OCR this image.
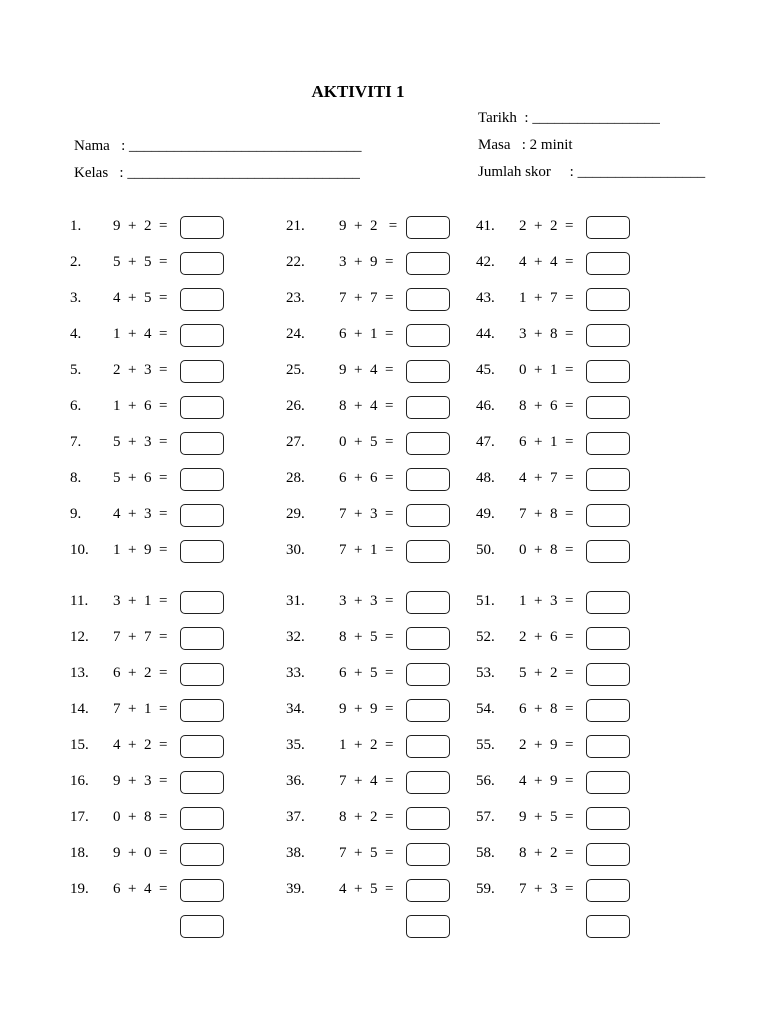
AKTIVITI 1
Tarikh  : _________________
Nama   : _______________________________	Masa   : 2 minit
Kelas   : _______________________________	Jumlah skor     : _________________
1. 9  +  2  =
2. 5  +  5  =
3. 4  +  5  =
4. 1  +  4  =
5. 2  +  3  =
6. 1  +  6  =
7. 5  +  3  =
8. 5  +  6  =
9. 4  +  3  =
10. 1  +  9  =
11. 3  +  1  =
12. 7  +  7  =
13. 6  +  2  =
14. 7  +  1  =
15. 4  +  2  =
16. 9  +  3  =
17. 0  +  8  =
18. 9  +  0  =
19. 6  +  4  =
21. 9  +  2   =
22. 3  +  9  =
23. 7  +  7  =
24. 6  +  1  =
25. 9  +  4  =
26. 8  +  4  =
27. 0  +  5  =
28. 6  +  6  =
29. 7  +  3  =
30. 7  +  1  =
31. 3  +  3  =
32. 8  +  5  =
33. 6  +  5  =
34. 9  +  9  =
35. 1  +  2  =
36. 7  +  4  =
37. 8  +  2  =
38. 7  +  5  =
39. 4  +  5  =
41. 2  +  2  =
42. 4  +  4  =
43. 1  +  7  =
44. 3  +  8  =
45. 0  +  1  =
46. 8  +  6  =
47. 6  +  1  =
48. 4  +  7  =
49. 7  +  8  =
50. 0  +  8  =
51. 1  +  3  =
52. 2  +  6  =
53. 5  +  2  =
54. 6  +  8  =
55. 2  +  9  =
56. 4  +  9  =
57. 9  +  5  =
58. 8  +  2  =
59. 7  +  3  =
